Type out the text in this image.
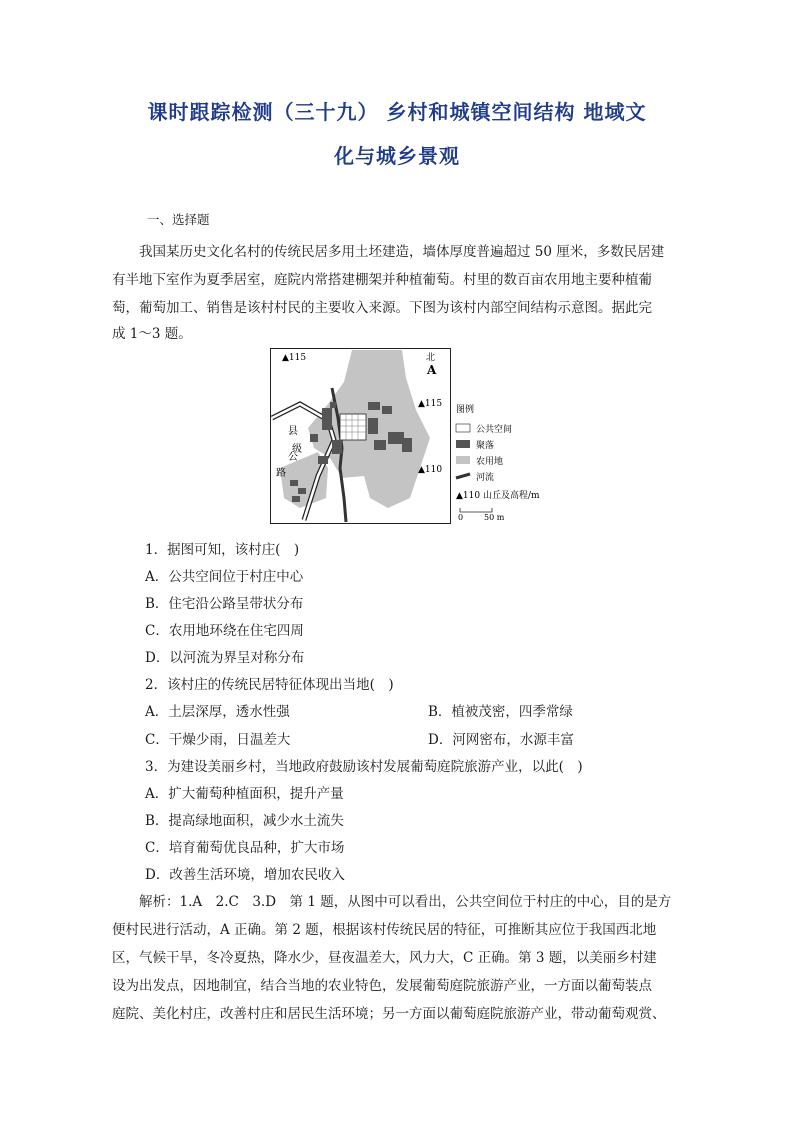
课时跟踪检测（三十九） 乡村和城镇空间结构 地域文
化与城乡景观
一、选择题
　　我国某历史文化名村的传统民居多用土坯建造，墙体厚度普遍超过 50 厘米，多数民居建
有半地下室作为夏季居室，庭院内常搭建棚架并种植葡萄。村里的数百亩农用地主要种植葡
萄，葡萄加工、销售是该村村民的主要收入来源。下图为该村内部空间结构示意图。据此完
成 1～3 题。
▲115
▲115
▲110
北
A
县
级
公
路
图例
公共空间
聚落
农用地
河流
▲110 山丘及高程/m
0	50 m
1．据图可知，该村庄(　)
A．公共空间位于村庄中心
B．住宅沿公路呈带状分布
C．农用地环绕在住宅四周
D．以河流为界呈对称分布
2．该村庄的传统民居特征体现出当地(　)
A．土层深厚，透水性强	B．植被茂密，四季常绿
C．干燥少雨，日温差大	D．河网密布，水源丰富
3．为建设美丽乡村，当地政府鼓励该村发展葡萄庭院旅游产业，以此(　)
A．扩大葡萄种植面积，提升产量
B．提高绿地面积，减少水土流失
C．培育葡萄优良品种，扩大市场
D．改善生活环境，增加农民收入
　　解析：1.A　2.C　3.D　第 1 题，从图中可以看出，公共空间位于村庄的中心，目的是方
便村民进行活动，A 正确。第 2 题，根据该村传统民居的特征，可推断其应位于我国西北地
区，气候干旱，冬冷夏热，降水少，昼夜温差大，风力大，C 正确。第 3 题，以美丽乡村建
设为出发点，因地制宜，结合当地的农业特色，发展葡萄庭院旅游产业，一方面以葡萄装点
庭院、美化村庄，改善村庄和居民生活环境；另一方面以葡萄庭院旅游产业，带动葡萄观赏、
